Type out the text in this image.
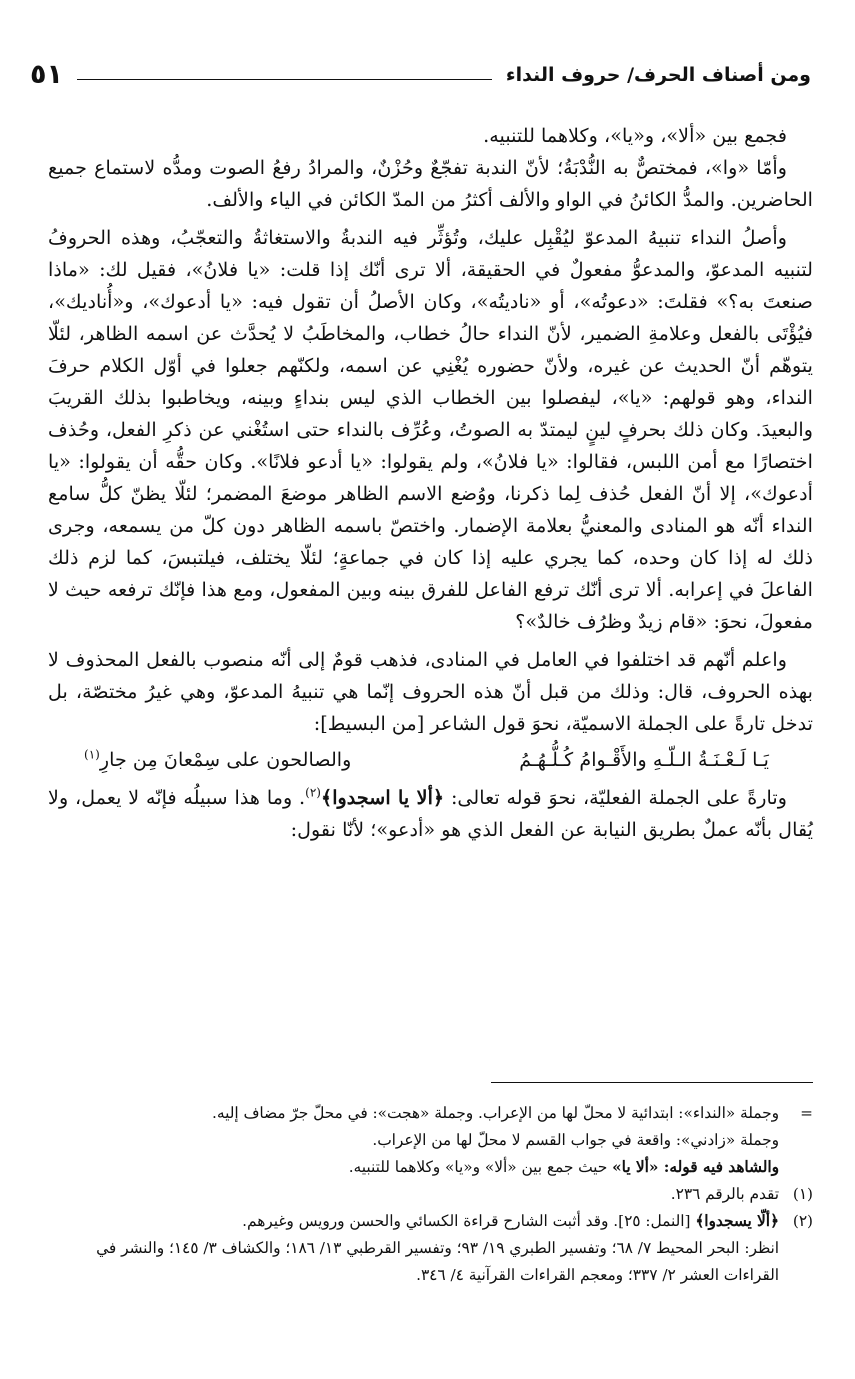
ومن أصناف الحرف/ حروف النداء
٥١

فجمع بين «ألا»، و«يا»، وكلاهما للتنبيه.

وأمّا «وا»، فمختصٌّ به النُّدْبَةُ؛ لأنّ الندبة تفجّعٌ وحُزْنٌ، والمرادُ رفعُ الصوت ومدُّه لاستماع جميع الحاضرين. والمدُّ الكائنُ في الواو والألف أكثرُ من المدّ الكائن في الياء والألف.

وأصلُ النداء تنبيهُ المدعوّ ليُقْبِل عليك، وتُؤثِّر فيه الندبةُ والاستغاثةُ والتعجّبُ، وهذه الحروفُ لتنبيه المدعوّ، والمدعوُّ مفعولٌ في الحقيقة، ألا ترى أنّك إذا قلت: «يا فلانُ»، فقيل لك: «ماذا صنعتَ به؟» فقلتَ: «دعوتُه»، أو «ناديتُه»، وكان الأصلُ أن تقول فيه: «يا أدعوك»، و«أُناديك»، فيُؤْتَى بالفعل وعلامةِ الضمير، لأنّ النداء حالُ خطاب، والمخاطَبُ لا يُحدَّث عن اسمه الظاهر، لئلّا يتوهّم أنّ الحديث عن غيره، ولأنّ حضوره يُغْنِي عن اسمه، ولكنّهم جعلوا في أوّل الكلام حرفَ النداء، وهو قولهم: «يا»، ليفصلوا بين الخطاب الذي ليس بنداءٍ وبينه، ويخاطبوا بذلك القريبَ والبعيدَ. وكان ذلك بحرفٍ لينٍ ليمتدّ به الصوتُ، وعُرِّف بالنداء حتى استُغْني عن ذكرِ الفعل، وحُذف اختصارًا مع أمن اللبس، فقالوا: «يا فلانُ»، ولم يقولوا: «يا أدعو فلانًا». وكان حقُّه أن يقولوا: «يا أدعوك»، إلا أنّ الفعل حُذف لِما ذكرنا، ووُضع الاسم الظاهر موضعَ المضمر؛ لئلّا يظنّ كلُّ سامع النداء أنّه هو المنادى والمعنيُّ بعلامة الإضمار. واختصّ باسمه الظاهر دون كلّ من يسمعه، وجرى ذلك له إذا كان وحده، كما يجري عليه إذا كان في جماعةٍ؛ لئلّا يختلف، فيلتبسَ، كما لزم ذلك الفاعلَ في إعرابه. ألا ترى أنّك ترفع الفاعل للفرق بينه وبين المفعول، ومع هذا فإنّك ترفعه حيث لا مفعولَ، نحوَ: «قام زيدٌ وظرُف خالدٌ»؟

واعلم أنّهم قد اختلفوا في العامل في المنادى، فذهب قومٌ إلى أنّه منصوب بالفعل المحذوف لا بهذه الحروف، قال: وذلك من قبل أنّ هذه الحروف إنّما هي تنبيهُ المدعوّ، وهي غيرُ مختصّة، بل تدخل تارةً على الجملة الاسميّة، نحوَ قول الشاعر [من البسيط]:

يَـا لَـعْـنَـةُ الـلّـهِ والأَقْـوامُ كُـلُّـهُـمُ
والصالحون على سِمْعانَ مِن جارِ$^{(١)}$

وتارةً على الجملة الفعليّة، نحوَ قوله تعالى: ﴿ألا يا اسجدوا﴾$^{(٢)}$. وما هذا سبيلُه فإنّه لا يعمل، ولا يُقال بأنّه عملٌ بطريق النيابة عن الفعل الذي هو «أدعو»؛ لأنّا نقول:

=
وجملة «النداء»: ابتدائية لا محلّ لها من الإعراب. وجملة «هجت»: في محلّ جرّ مضاف إليه.

وجملة «زادني»: واقعة في جواب القسم لا محلّ لها من الإعراب.

والشاهد فيه قوله: «ألا يا» حيث جمع بين «ألا» و«يا» وكلاهما للتنبيه.

(١)
تقدم بالرقم ٢٣٦.
(٢)
﴿ألّا يسجدوا﴾ [النمل: ٢٥]. وقد أثبت الشارح قراءة الكسائي والحسن ورويس وغيرهم.

انظر: البحر المحيط ٧/ ٦٨؛ وتفسير الطبري ١٩/ ٩٣؛ وتفسير القرطبي ١٣/ ١٨٦؛ والكشاف ٣/ ١٤٥؛ والنشر في القراءات العشر ٢/ ٣٣٧؛ ومعجم القراءات القرآنية ٤/ ٣٤٦.
